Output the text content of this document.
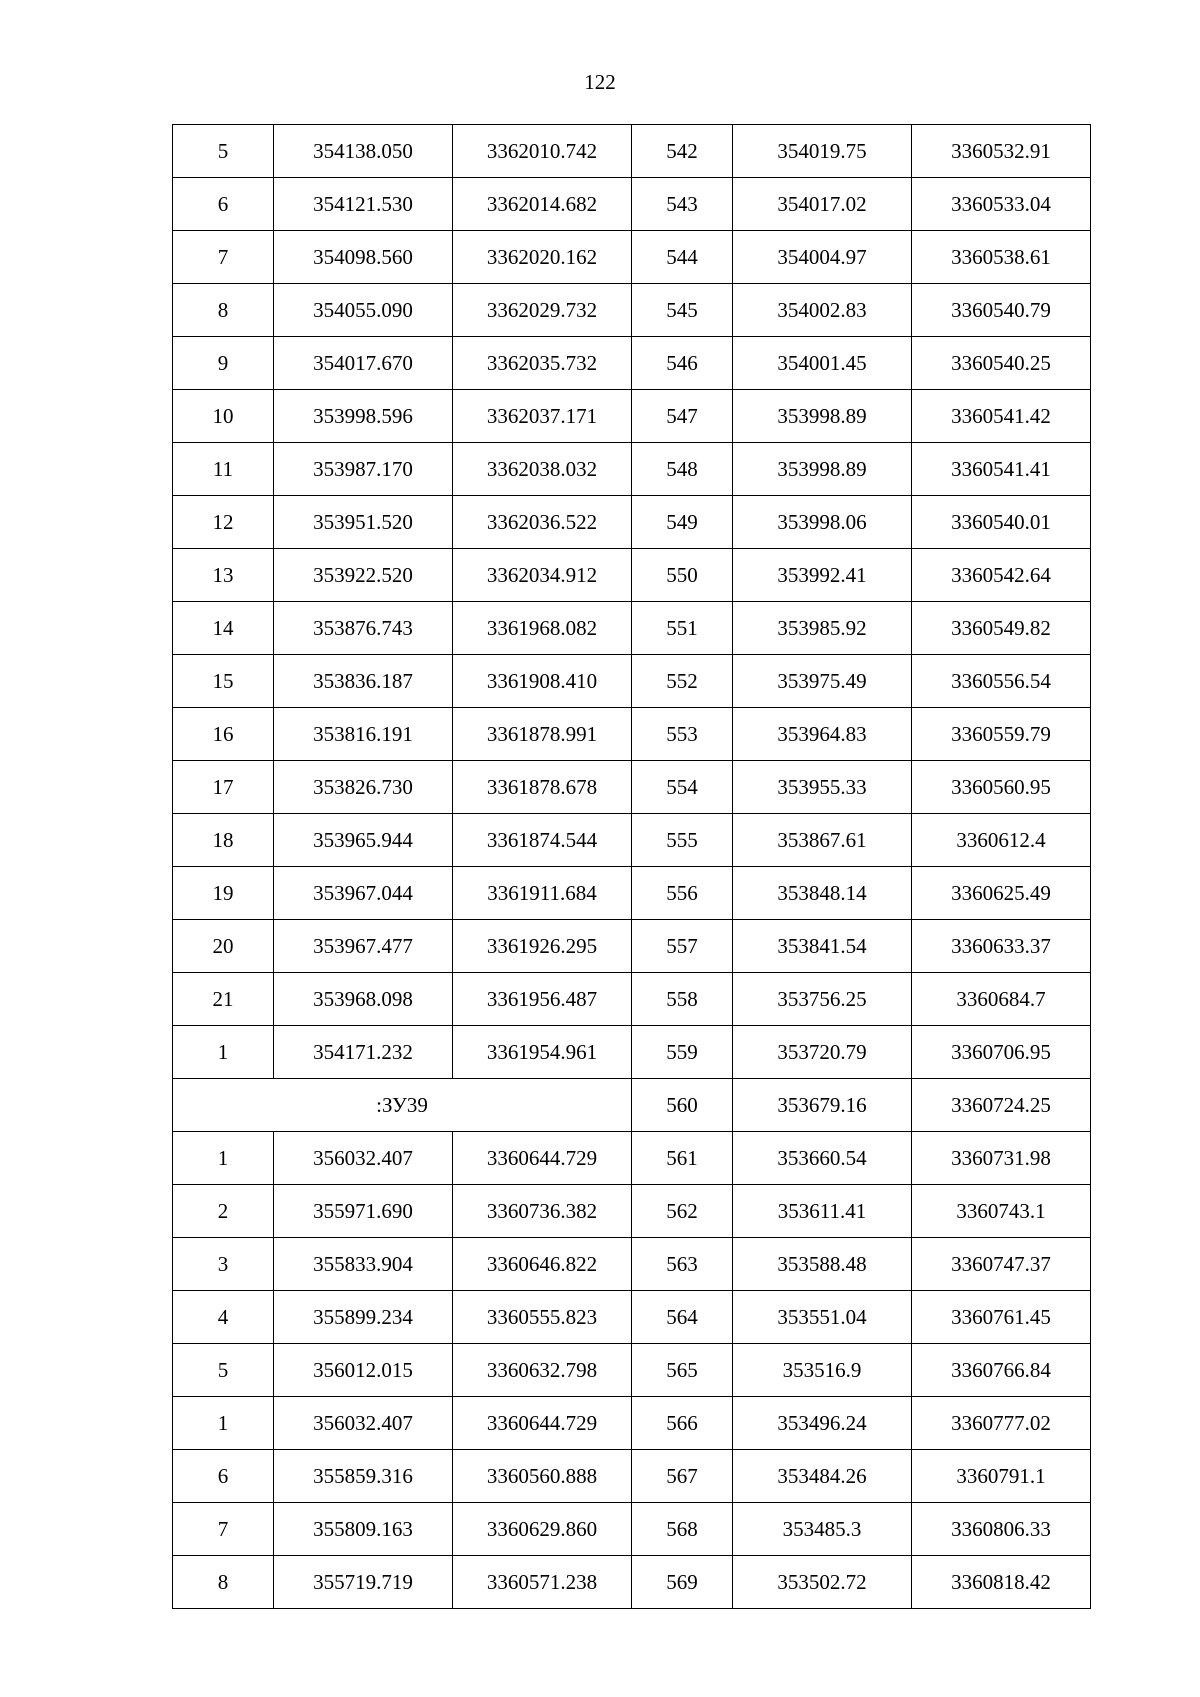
122
5	354138.050	3362010.742	542	354019.75	3360532.91
6	354121.530	3362014.682	543	354017.02	3360533.04
7	354098.560	3362020.162	544	354004.97	3360538.61
8	354055.090	3362029.732	545	354002.83	3360540.79
9	354017.670	3362035.732	546	354001.45	3360540.25
10	353998.596	3362037.171	547	353998.89	3360541.42
11	353987.170	3362038.032	548	353998.89	3360541.41
12	353951.520	3362036.522	549	353998.06	3360540.01
13	353922.520	3362034.912	550	353992.41	3360542.64
14	353876.743	3361968.082	551	353985.92	3360549.82
15	353836.187	3361908.410	552	353975.49	3360556.54
16	353816.191	3361878.991	553	353964.83	3360559.79
17	353826.730	3361878.678	554	353955.33	3360560.95
18	353965.944	3361874.544	555	353867.61	3360612.4
19	353967.044	3361911.684	556	353848.14	3360625.49
20	353967.477	3361926.295	557	353841.54	3360633.37
21	353968.098	3361956.487	558	353756.25	3360684.7
1	354171.232	3361954.961	559	353720.79	3360706.95
:ЗУ39			560	353679.16	3360724.25
1	356032.407	3360644.729	561	353660.54	3360731.98
2	355971.690	3360736.382	562	353611.41	3360743.1
3	355833.904	3360646.822	563	353588.48	3360747.37
4	355899.234	3360555.823	564	353551.04	3360761.45
5	356012.015	3360632.798	565	353516.9	3360766.84
1	356032.407	3360644.729	566	353496.24	3360777.02
6	355859.316	3360560.888	567	353484.26	3360791.1
7	355809.163	3360629.860	568	353485.3	3360806.33
8	355719.719	3360571.238	569	353502.72	3360818.42
